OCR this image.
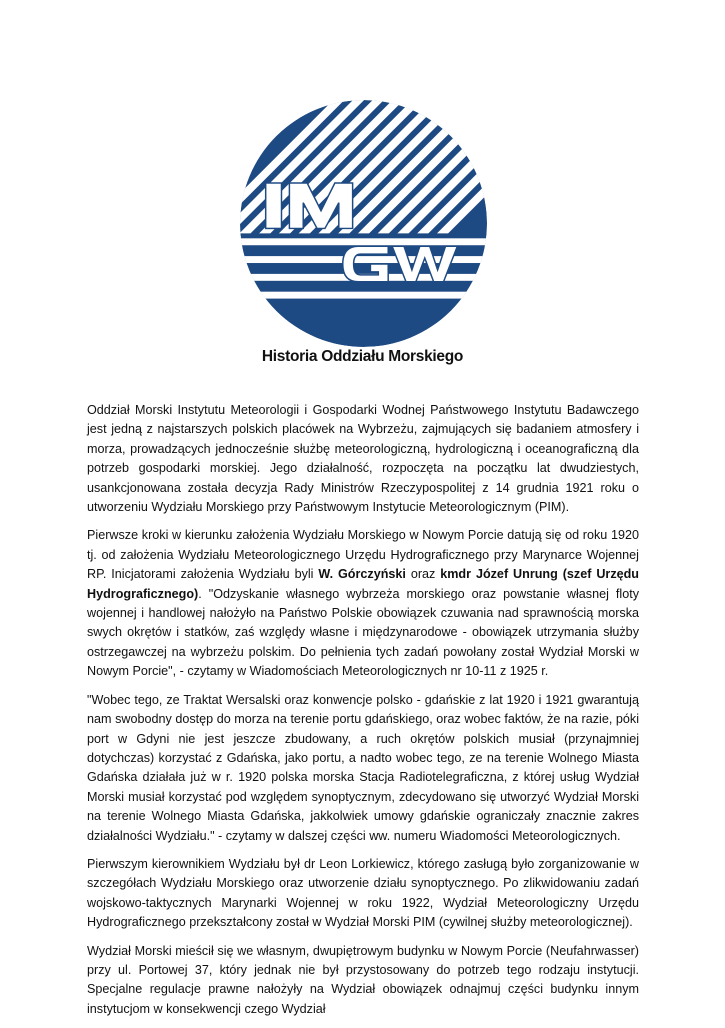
Historia Oddziału Morskiego

Oddział Morski Instytutu Meteorologii i Gospodarki Wodnej Państwowego Instytutu Badawczego jest jedną z najstarszych polskich placówek na Wybrzeżu, zajmujących się badaniem atmosfery i morza, prowadzących jednocześnie służbę meteorologiczną, hydrologiczną i oceanograficzną dla potrzeb gospodarki morskiej. Jego działalność, rozpoczęta na początku lat dwudziestych, usankcjonowana została decyzja Rady Ministrów Rzeczypospolitej z 14 grudnia 1921 roku o utworzeniu Wydziału Morskiego przy Państwowym Instytucie Meteorologicznym (PIM).

Pierwsze kroki w kierunku założenia Wydziału Morskiego w Nowym Porcie datują się od roku 1920 tj. od założenia Wydziału Meteorologicznego Urzędu Hydrograficznego przy Marynarce Wojennej RP. Inicjatorami założenia Wydziału byli W. Górczyński oraz kmdr Józef Unrung (szef Urzędu Hydrograficznego). "Odzyskanie własnego wybrzeża morskiego oraz powstanie własnej floty wojennej i handlowej nałożyło na Państwo Polskie obowiązek czuwania nad sprawnością morska swych okrętów i statków, zaś względy własne i międzynarodowe - obowiązek utrzymania służby ostrzegawczej na wybrzeżu polskim. Do pełnienia tych zadań powołany został Wydział Morski w Nowym Porcie", - czytamy w Wiadomościach Meteorologicznych nr 10-11 z 1925 r.

"Wobec tego, ze Traktat Wersalski oraz konwencje polsko - gdańskie z lat 1920 i 1921 gwarantują nam swobodny dostęp do morza na terenie portu gdańskiego, oraz wobec faktów, że na razie, póki port w Gdyni nie jest jeszcze zbudowany, a ruch okrętów polskich musiał (przynajmniej dotychczas) korzystać z Gdańska, jako portu, a nadto wobec tego, ze na terenie Wolnego Miasta Gdańska działała już w r. 1920 polska morska Stacja Radiotelegraficzna, z której usług Wydział Morski musiał korzystać pod względem synoptycznym, zdecydowano się utworzyć Wydział Morski na terenie Wolnego Miasta Gdańska, jakkolwiek umowy gdańskie ograniczały znacznie zakres działalności Wydziału." - czytamy w dalszej części ww. numeru Wiadomości Meteorologicznych.

Pierwszym kierownikiem Wydziału był dr Leon Lorkiewicz, którego zasługą było zorganizowanie w szczegółach Wydziału Morskiego oraz utworzenie działu synoptycznego. Po zlikwidowaniu zadań wojskowo-taktycznych Marynarki Wojennej w roku 1922, Wydział Meteorologiczny Urzędu Hydrograficznego przekształcony został w Wydział Morski PIM (cywilnej służby meteorologicznej).

Wydział Morski mieścił się we własnym, dwupiętrowym budynku w Nowym Porcie (Neufahrwasser) przy ul. Portowej 37, który jednak nie był przystosowany do potrzeb tego rodzaju instytucji. Specjalne regulacje prawne nałożyły na Wydział obowiązek odnajmuj części budynku innym instytucjom w konsekwencji czego Wydział
